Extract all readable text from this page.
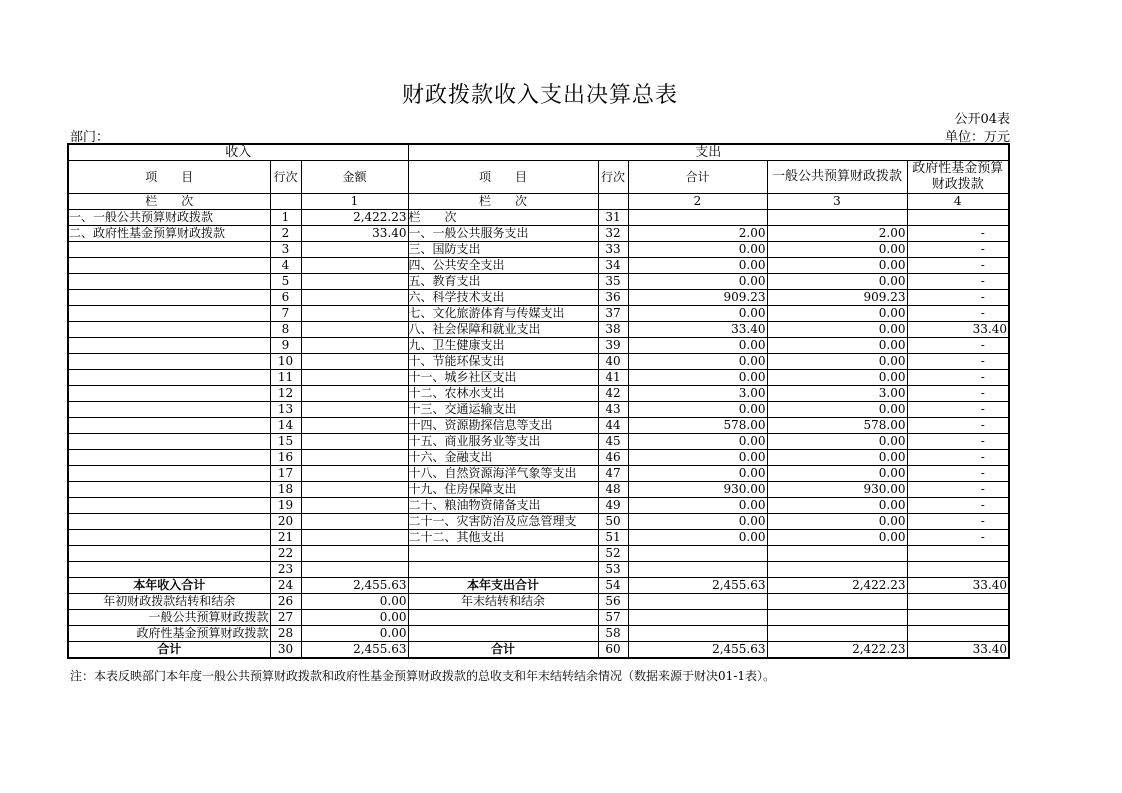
财政拨款收入支出决算总表
公开04表
部门：	单位：万元
收入			支出				
项　　目	行次	金额	项　　目	行次	合计	一般公共预算财政拨款	政府性基金预算财政拨款
栏　　次		1	栏　　次		2	3	4
一、一般公共预算财政拨款	1	2,422.23	栏　　次	31			
二、政府性基金预算财政拨款	2	33.40	一、一般公共服务支出	32	2.00	2.00	-
	3		三、国防支出	33	0.00	0.00	-
	4		四、公共安全支出	34	0.00	0.00	-
	5		五、教育支出	35	0.00	0.00	-
	6		六、科学技术支出	36	909.23	909.23	-
	7		七、文化旅游体育与传媒支出	37	0.00	0.00	-
	8		八、社会保障和就业支出	38	33.40	0.00	33.40
	9		九、卫生健康支出	39	0.00	0.00	-
	10		十、节能环保支出	40	0.00	0.00	-
	11		十一、城乡社区支出	41	0.00	0.00	-
	12		十二、农林水支出	42	3.00	3.00	-
	13		十三、交通运输支出	43	0.00	0.00	-
	14		十四、资源勘探信息等支出	44	578.00	578.00	-
	15		十五、商业服务业等支出	45	0.00	0.00	-
	16		十六、金融支出	46	0.00	0.00	-
	17		十八、自然资源海洋气象等支出	47	0.00	0.00	-
	18		十九、住房保障支出	48	930.00	930.00	-
	19		二十、粮油物资储备支出	49	0.00	0.00	-
	20		二十一、灾害防治及应急管理支	50	0.00	0.00	-
	21		二十二、其他支出	51	0.00	0.00	-
	22			52			
	23			53			
本年收入合计	24	2,455.63	本年支出合计	54	2,455.63	2,422.23	33.40
年初财政拨款结转和结余	26	0.00	年末结转和结余	56			
一般公共预算财政拨款	27	0.00		57			
政府性基金预算财政拨款	28	0.00		58			
合计	30	2,455.63	合计	60	2,455.63	2,422.23	33.40
注：本表反映部门本年度一般公共预算财政拨款和政府性基金预算财政拨款的总收支和年末结转结余情况（数据来源于财决01-1表）。
